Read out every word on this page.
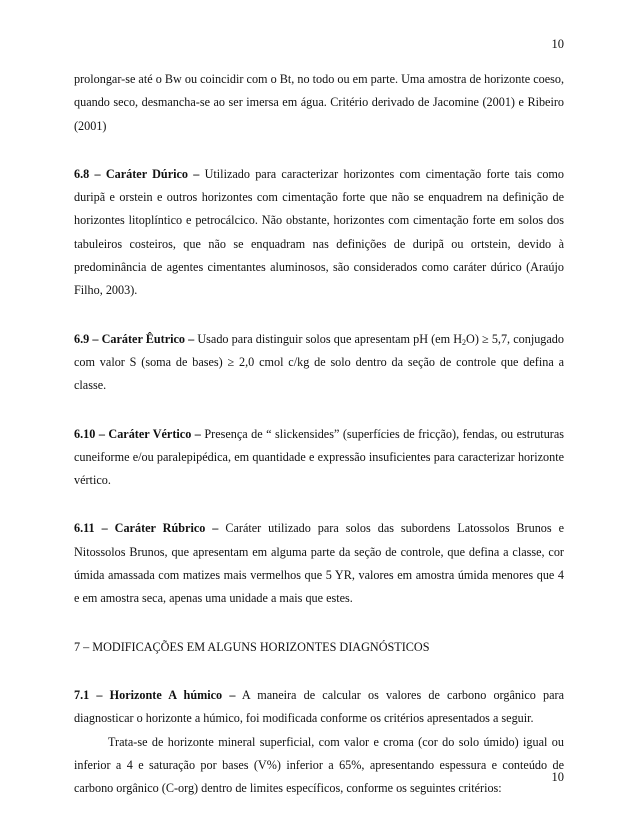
10

prolongar-se até o Bw ou coincidir com o Bt, no todo ou em parte. Uma amostra de horizonte coeso, quando seco, desmancha-se ao ser imersa em água. Critério derivado de Jacomine (2001) e Ribeiro (2001)

6.8 – Caráter Dúrico – Utilizado para caracterizar horizontes com cimentação forte tais como duripã e orstein e outros horizontes com cimentação forte que não se enquadrem na definição de horizontes litoplíntico e petrocálcico. Não obstante, horizontes com cimentação forte em solos dos tabuleiros costeiros, que não se enquadram nas definições de duripã ou ortstein, devido à predominância de agentes cimentantes aluminosos, são considerados como caráter dúrico (Araújo Filho, 2003).

6.9 – Caráter Êutrico – Usado para distinguir solos que apresentam pH (em $H_2O) \ge 5,7$, conjugado com valor S (soma de bases) ≥ 2,0 cmol c/kg de solo dentro da seção de controle que defina a classe.

6.10 – Caráter Vértico – Presença de “ slickensides” (superfícies de fricção), fendas, ou estruturas cuneiforme e/ou paralepipédica, em quantidade e expressão insuficientes para caracterizar horizonte vértico.

6.11 – Caráter Rúbrico – Caráter utilizado para solos das subordens Latossolos Brunos e Nitossolos Brunos, que apresentam em alguma parte da seção de controle, que defina a classe, cor úmida amassada com matizes mais vermelhos que 5 YR, valores em amostra úmida menores que 4 e em amostra seca, apenas uma unidade a mais que estes.

7 – MODIFICAÇÕES EM ALGUNS HORIZONTES DIAGNÓSTICOS

7.1 – Horizonte A húmico – A maneira de calcular os valores de carbono orgânico para diagnosticar o horizonte a húmico, foi modificada conforme os critérios apresentados a seguir.

Trata-se de horizonte mineral superficial, com valor e croma (cor do solo úmido) igual ou inferior a 4 e saturação por bases (V%) inferior a 65%, apresentando espessura e conteúdo de carbono orgânico (C-org) dentro de limites específicos, conforme os seguintes critérios:

10
